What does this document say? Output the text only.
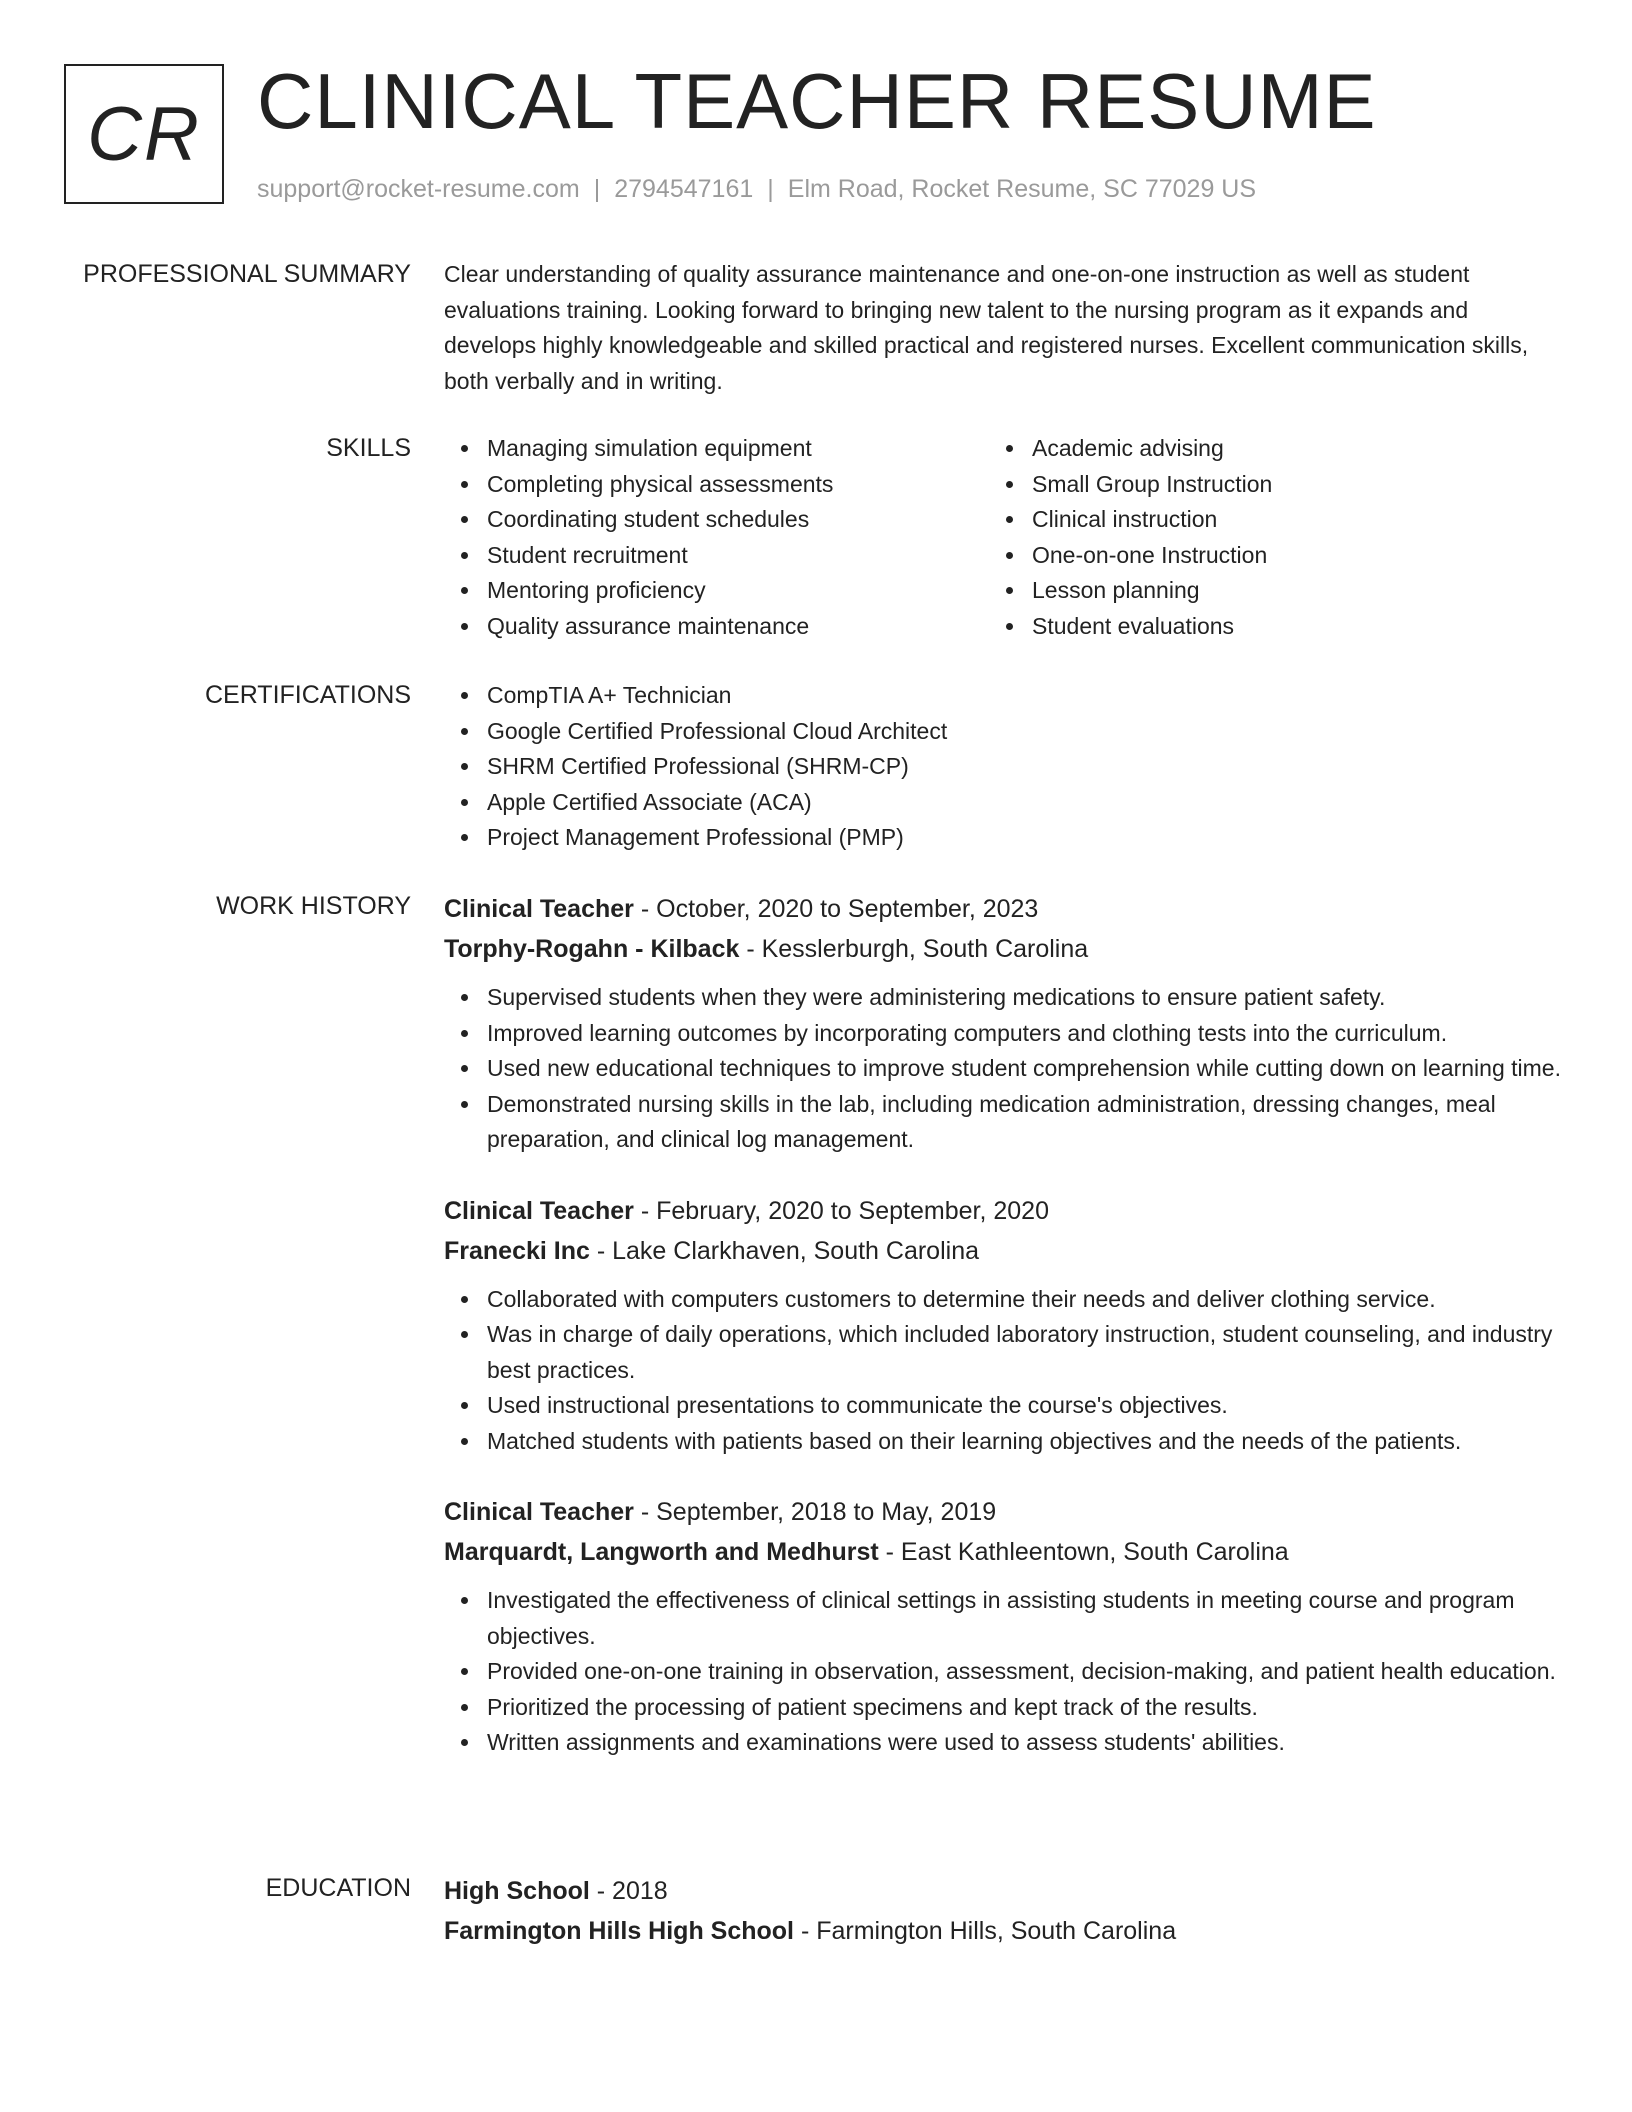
CR CLINICAL TEACHER RESUME
support@rocket-resume.com | 2794547161 | Elm Road, Rocket Resume, SC 77029 US
PROFESSIONAL SUMMARY Clear understanding of quality assurance maintenance and one-on-one instruction as well as student evaluations training. Looking forward to bringing new talent to the nursing program as it expands and develops highly knowledgeable and skilled practical and registered nurses. Excellent communication skills, both verbally and in writing.

SKILLS	Managing simulation equipment
Completing physical assessments
Coordinating student schedules
Student recruitment
Mentoring proficiency
Quality assurance maintenance
Academic advising
Small Group Instruction
Clinical instruction
One-on-one Instruction
Lesson planning
Student evaluations
CERTIFICATIONS	CompTIA A+ Technician
Google Certified Professional Cloud Architect
SHRM Certified Professional (SHRM-CP)
Apple Certified Associate (ACA)
Project Management Professional (PMP)
WORK HISTORY Clinical Teacher - October, 2020 to September, 2023
Torphy-Rogahn - Kilback - Kesslerburgh, South Carolina
Supervised students when they were administering medications to ensure patient safety.
Improved learning outcomes by incorporating computers and clothing tests into the curriculum.
Used new educational techniques to improve student comprehension while cutting down on learning time.
Demonstrated nursing skills in the lab, including medication administration, dressing changes, meal preparation, and clinical log management.
Clinical Teacher - February, 2020 to September, 2020
Franecki Inc - Lake Clarkhaven, South Carolina
Collaborated with computers customers to determine their needs and deliver clothing service.
Was in charge of daily operations, which included laboratory instruction, student counseling, and industry best practices.
Used instructional presentations to communicate the course's objectives.
Matched students with patients based on their learning objectives and the needs of the patients.
Clinical Teacher - September, 2018 to May, 2019
Marquardt, Langworth and Medhurst - East Kathleentown, South Carolina
Investigated the effectiveness of clinical settings in assisting students in meeting course and program objectives.
Provided one-on-one training in observation, assessment, decision-making, and patient health education.
Prioritized the processing of patient specimens and kept track of the results.
Written assignments and examinations were used to assess students' abilities.
EDUCATION High School - 2018
Farmington Hills High School - Farmington Hills, South Carolina
